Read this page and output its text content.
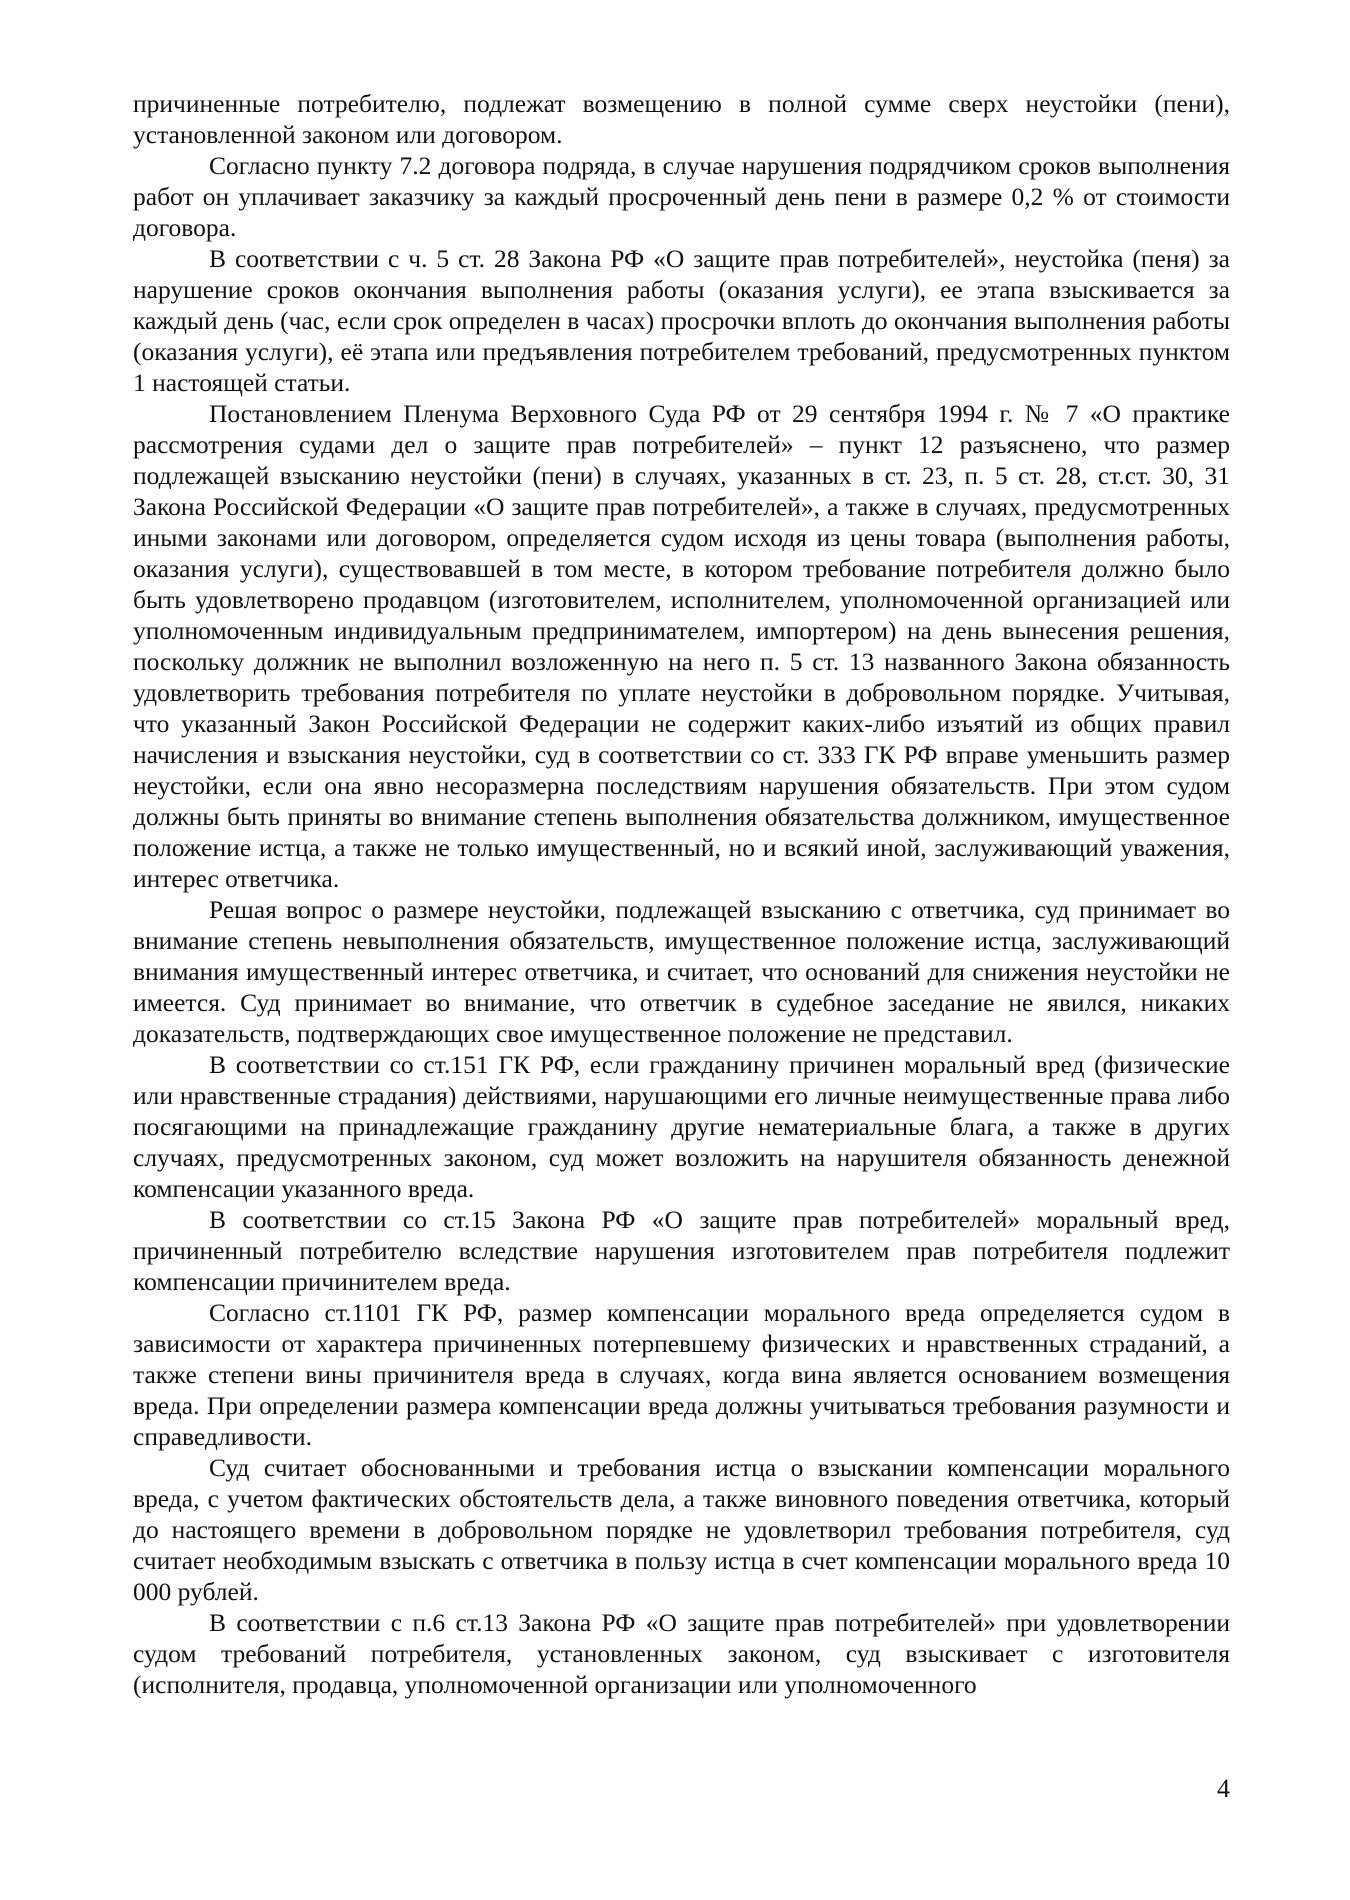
причиненные потребителю, подлежат возмещению в полной сумме сверх неустойки (пени), установленной законом или договором.

Согласно пункту 7.2 договора подряда, в случае нарушения подрядчиком сроков выполнения работ он уплачивает заказчику за каждый просроченный день пени в размере 0,2 % от стоимости договора.

В соответствии с ч. 5 ст. 28 Закона РФ «О защите прав потребителей», неустойка (пеня) за нарушение сроков окончания выполнения работы (оказания услуги), ее этапа взыскивается за каждый день (час, если срок определен в часах) просрочки вплоть до окончания выполнения работы (оказания услуги), её этапа или предъявления потребителем требований, предусмотренных пунктом 1 настоящей статьи.

Постановлением Пленума Верховного Суда РФ от 29 сентября 1994 г. № 7 «О практике рассмотрения судами дел о защите прав потребителей» – пункт 12 разъяснено, что размер подлежащей взысканию неустойки (пени) в случаях, указанных в ст. 23, п. 5 ст. 28, ст.ст. 30, 31 Закона Российской Федерации «О защите прав потребителей», а также в случаях, предусмотренных иными законами или договором, определяется судом исходя из цены товара (выполнения работы, оказания услуги), существовавшей в том месте, в котором требование потребителя должно было быть удовлетворено продавцом (изготовителем, исполнителем, уполномоченной организацией или уполномоченным индивидуальным предпринимателем, импортером) на день вынесения решения, поскольку должник не выполнил возложенную на него п. 5 ст. 13 названного Закона обязанность удовлетворить требования потребителя по уплате неустойки в добровольном порядке. Учитывая, что указанный Закон Российской Федерации не содержит каких-либо изъятий из общих правил начисления и взыскания неустойки, суд в соответствии со ст. 333 ГК РФ вправе уменьшить размер неустойки, если она явно несоразмерна последствиям нарушения обязательств. При этом судом должны быть приняты во внимание степень выполнения обязательства должником, имущественное положение истца, а также не только имущественный, но и всякий иной, заслуживающий уважения, интерес ответчика.

Решая вопрос о размере неустойки, подлежащей взысканию с ответчика, суд принимает во внимание степень невыполнения обязательств, имущественное положение истца, заслуживающий внимания имущественный интерес ответчика, и считает, что оснований для снижения неустойки не имеется. Суд принимает во внимание, что ответчик в судебное заседание не явился, никаких доказательств, подтверждающих свое имущественное положение не представил.

В соответствии со ст.151 ГК РФ, если гражданину причинен моральный вред (физические или нравственные страдания) действиями, нарушающими его личные неимущественные права либо посягающими на принадлежащие гражданину другие нематериальные блага, а также в других случаях, предусмотренных законом, суд может возложить на нарушителя обязанность денежной компенсации указанного вреда.

В соответствии со ст.15 Закона РФ «О защите прав потребителей» моральный вред, причиненный потребителю вследствие нарушения изготовителем прав потребителя подлежит компенсации причинителем вреда.

Согласно ст.1101 ГК РФ, размер компенсации морального вреда определяется судом в зависимости от характера причиненных потерпевшему физических и нравственных страданий, а также степени вины причинителя вреда в случаях, когда вина является основанием возмещения вреда. При определении размера компенсации вреда должны учитываться требования разумности и справедливости.

Суд считает обоснованными и требования истца о взыскании компенсации морального вреда, с учетом фактических обстоятельств дела, а также виновного поведения ответчика, который до настоящего времени в добровольном порядке не удовлетворил требования потребителя, суд считает необходимым взыскать с ответчика в пользу истца в счет компенсации морального вреда 10 000 рублей.

В соответствии с п.6 ст.13 Закона РФ «О защите прав потребителей» при удовлетворении судом требований потребителя, установленных законом, суд взыскивает с изготовителя (исполнителя, продавца, уполномоченной организации или уполномоченного

4
